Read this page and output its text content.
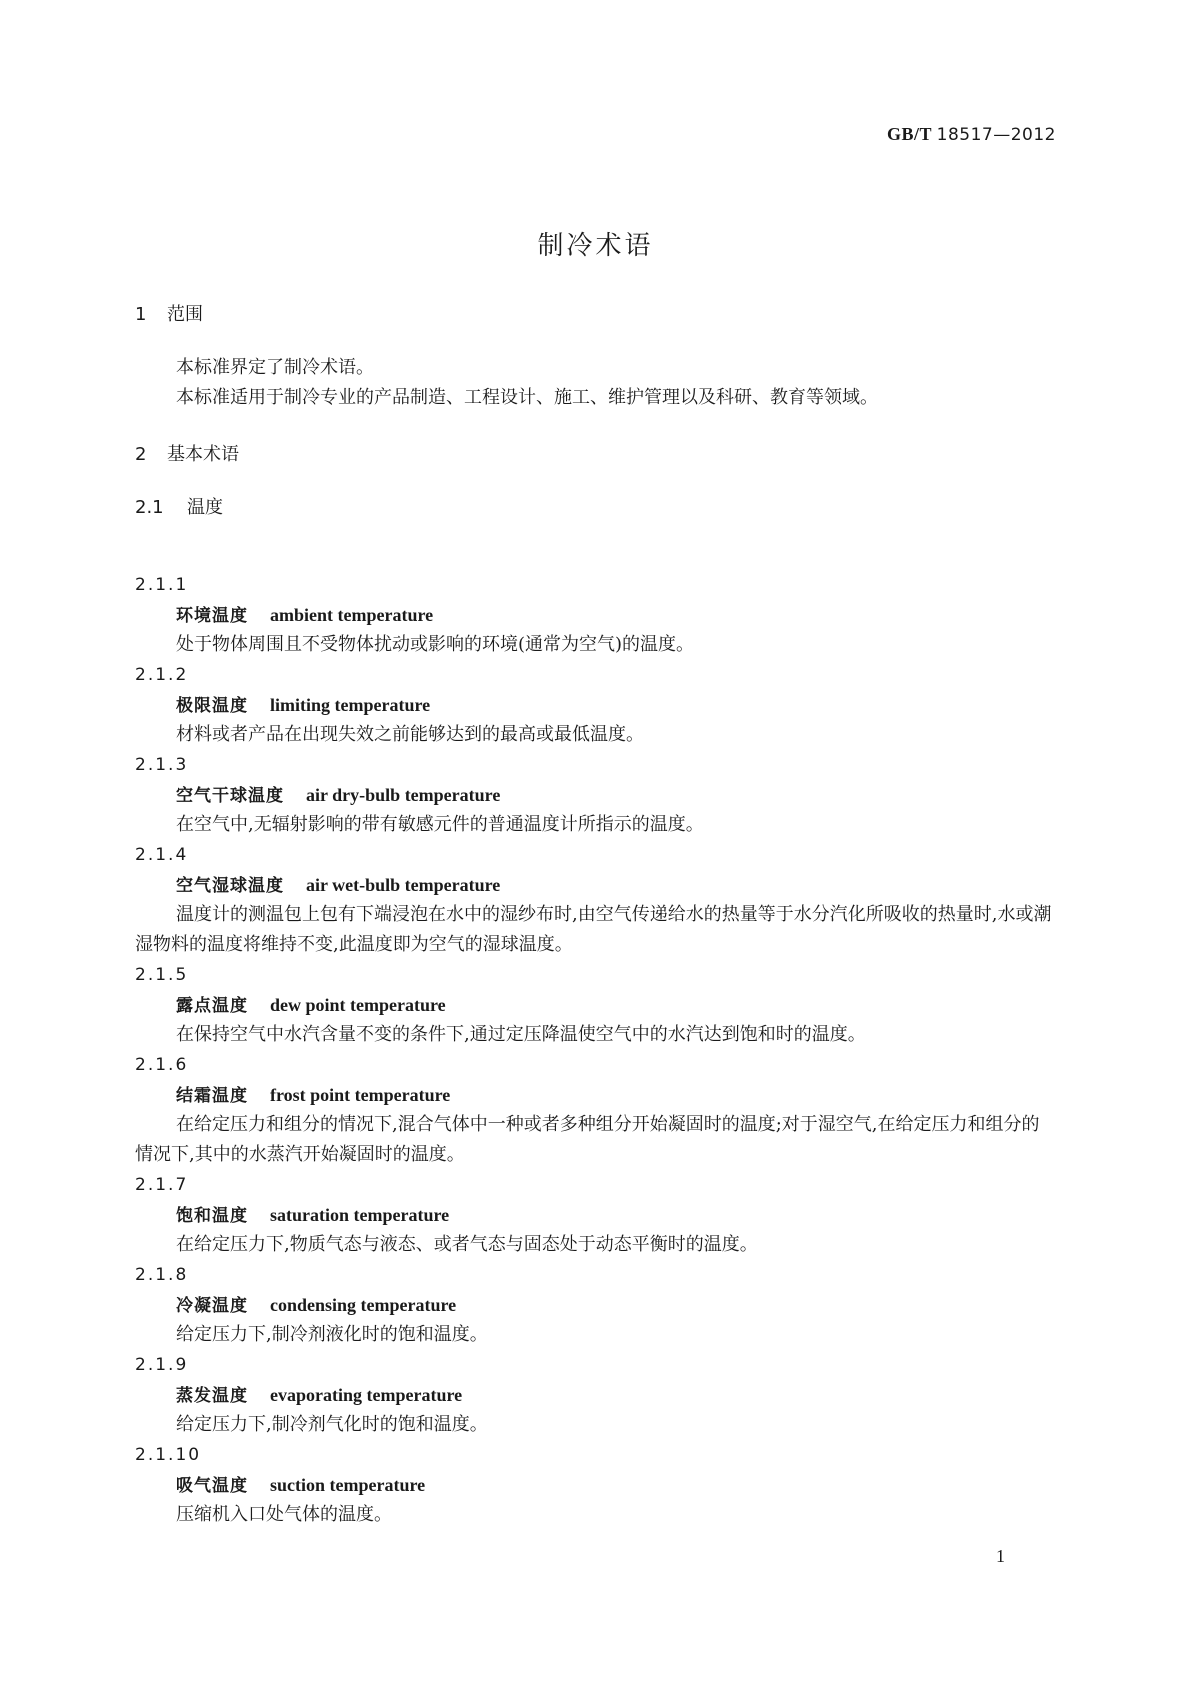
GB/T 18517—2012
制冷术语
1 范围
本标准界定了制冷术语。
本标准适用于制冷专业的产品制造、工程设计、施工、维护管理以及科研、教育等领域。
2 基本术语
2.1 温度
2.1.1
环境温度 ambient temperature
处于物体周围且不受物体扰动或影响的环境(通常为空气)的温度。
2.1.2
极限温度 limiting temperature
材料或者产品在出现失效之前能够达到的最高或最低温度。
2.1.3
空气干球温度 air dry-bulb temperature
在空气中,无辐射影响的带有敏感元件的普通温度计所指示的温度。
2.1.4
空气湿球温度 air wet-bulb temperature
温度计的测温包上包有下端浸泡在水中的湿纱布时,由空气传递给水的热量等于水分汽化所吸收的热量时,水或潮湿物料的温度将维持不变,此温度即为空气的湿球温度。
2.1.5
露点温度 dew point temperature
在保持空气中水汽含量不变的条件下,通过定压降温使空气中的水汽达到饱和时的温度。
2.1.6
结霜温度 frost point temperature
在给定压力和组分的情况下,混合气体中一种或者多种组分开始凝固时的温度;对于湿空气,在给定压力和组分的情况下,其中的水蒸汽开始凝固时的温度。
2.1.7
饱和温度 saturation temperature
在给定压力下,物质气态与液态、或者气态与固态处于动态平衡时的温度。
2.1.8
冷凝温度 condensing temperature
给定压力下,制冷剂液化时的饱和温度。
2.1.9
蒸发温度 evaporating temperature
给定压力下,制冷剂气化时的饱和温度。
2.1.10
吸气温度 suction temperature
压缩机入口处气体的温度。
1
